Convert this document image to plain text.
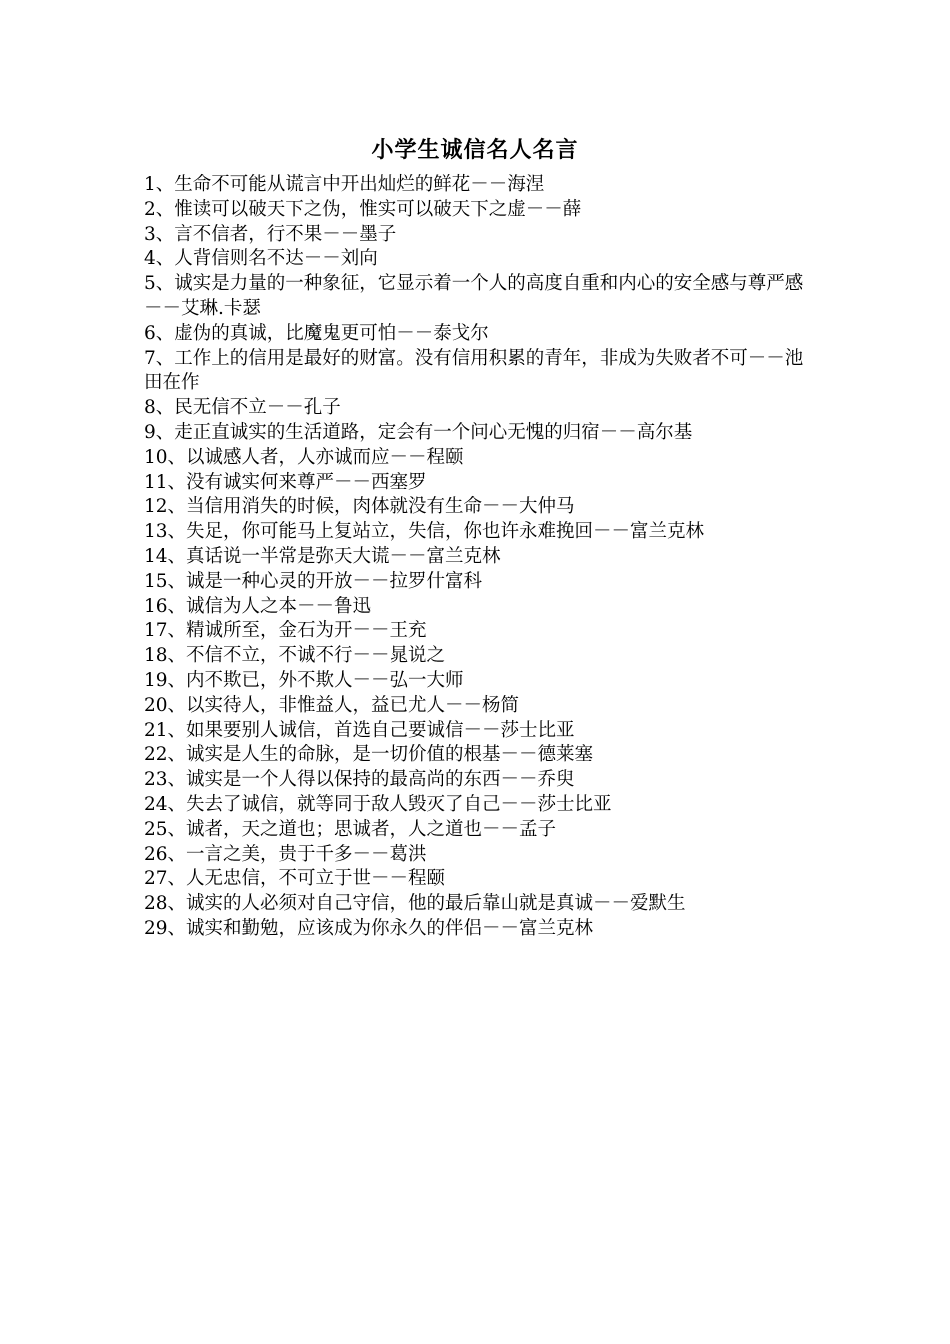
小学生诚信名人名言
1、生命不可能从谎言中开出灿烂的鲜花－－海涅
2、惟读可以破天下之伪，惟实可以破天下之虚－－薛
3、言不信者，行不果－－墨子
4、人背信则名不达－－刘向
5、诚实是力量的一种象征，它显示着一个人的高度自重和内心的安全感与尊严感－－艾琳.卡瑟
6、虚伪的真诚，比魔鬼更可怕－－泰戈尔
7、工作上的信用是最好的财富。没有信用积累的青年，非成为失败者不可－－池田在作
8、民无信不立－－孔子
9、走正直诚实的生活道路，定会有一个问心无愧的归宿－－高尔基
10、以诚感人者，人亦诚而应－－程颐
11、没有诚实何来尊严－－西塞罗
12、当信用消失的时候，肉体就没有生命－－大仲马
13、失足，你可能马上复站立，失信，你也许永难挽回－－富兰克林
14、真话说一半常是弥天大谎－－富兰克林
15、诚是一种心灵的开放－－拉罗什富科
16、诚信为人之本－－鲁迅
17、精诚所至，金石为开－－王充
18、不信不立，不诚不行－－晁说之
19、内不欺已，外不欺人－－弘一大师
20、以实待人，非惟益人，益已尤人－－杨简
21、如果要别人诚信，首选自己要诚信－－莎士比亚
22、诚实是人生的命脉，是一切价值的根基－－德莱塞
23、诚实是一个人得以保持的最高尚的东西－－乔臾
24、失去了诚信，就等同于敌人毁灭了自己－－莎士比亚
25、诚者，天之道也；思诚者，人之道也－－孟子
26、一言之美，贵于千多－－葛洪
27、人无忠信，不可立于世－－程颐
28、诚实的人必须对自己守信，他的最后靠山就是真诚－－爱默生
29、诚实和勤勉，应该成为你永久的伴侣－－富兰克林
